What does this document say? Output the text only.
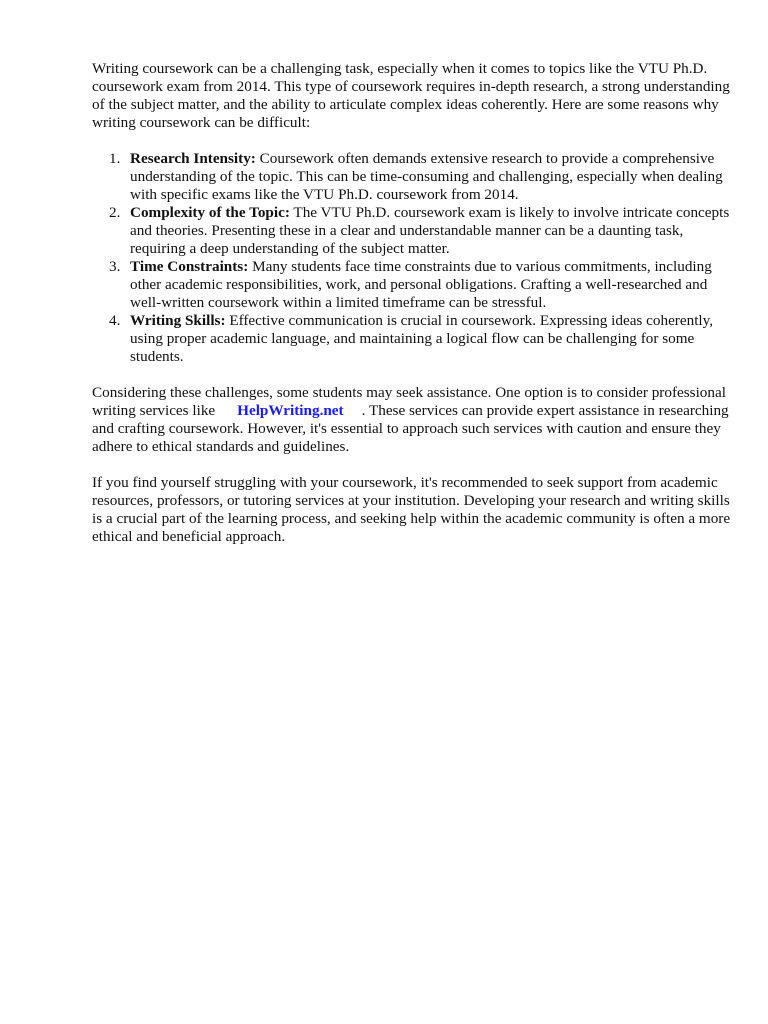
Writing coursework can be a challenging task, especially when it comes to topics like the VTU Ph.D. coursework exam from 2014. This type of coursework requires in-depth research, a strong understanding of the subject matter, and the ability to articulate complex ideas coherently. Here are some reasons why writing coursework can be difficult:

1. Research Intensity: Coursework often demands extensive research to provide a comprehensive understanding of the topic. This can be time-consuming and challenging, especially when dealing with specific exams like the VTU Ph.D. coursework from 2014.
2. Complexity of the Topic: The VTU Ph.D. coursework exam is likely to involve intricate concepts and theories. Presenting these in a clear and understandable manner can be a daunting task, requiring a deep understanding of the subject matter.
3. Time Constraints: Many students face time constraints due to various commitments, including other academic responsibilities, work, and personal obligations. Crafting a well-researched and well-written coursework within a limited timeframe can be stressful.
4. Writing Skills: Effective communication is crucial in coursework. Expressing ideas coherently, using proper academic language, and maintaining a logical flow can be challenging for some students.

Considering these challenges, some students may seek assistance. One option is to consider professional writing services like HelpWriting.net . These services can provide expert assistance in researching and crafting coursework. However, it's essential to approach such services with caution and ensure they adhere to ethical standards and guidelines.

If you find yourself struggling with your coursework, it's recommended to seek support from academic resources, professors, or tutoring services at your institution. Developing your research and writing skills is a crucial part of the learning process, and seeking help within the academic community is often a more ethical and beneficial approach.
